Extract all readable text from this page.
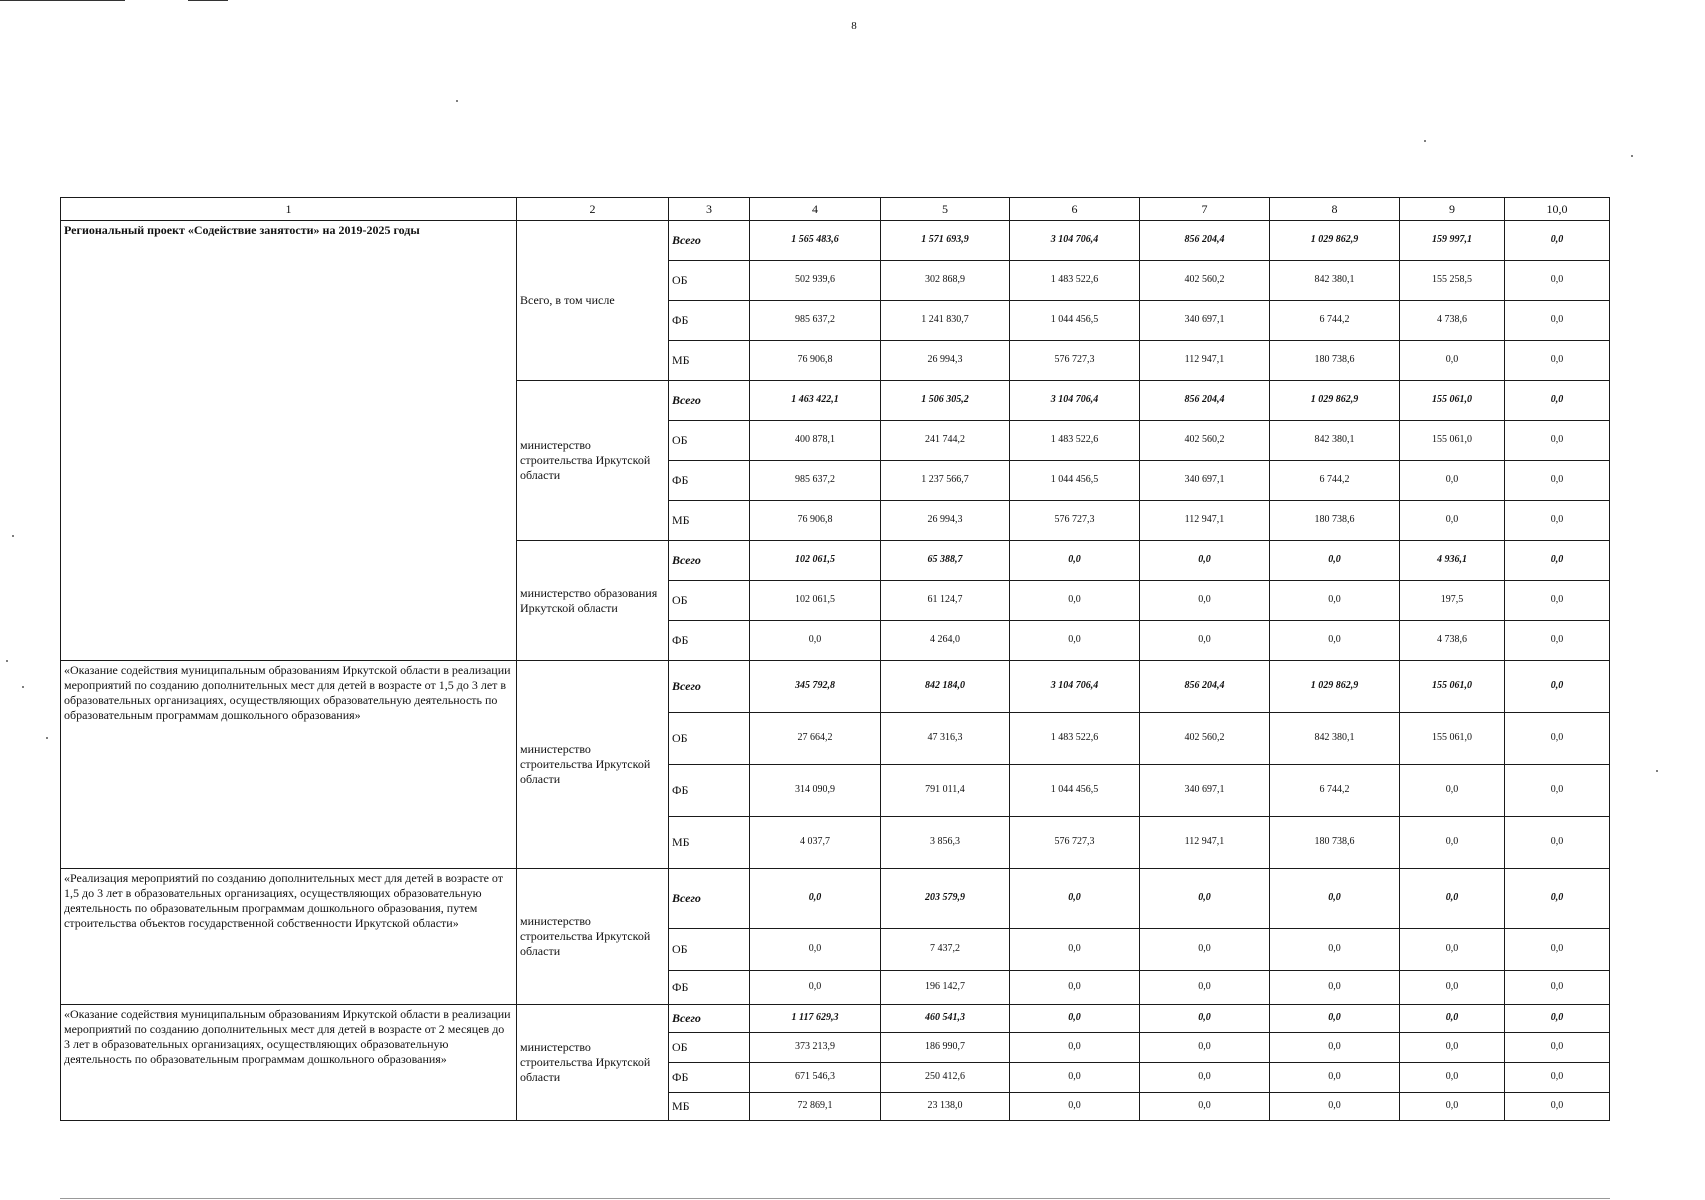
8
1	2	3	4	5	6	7	8	9	10,0
Региональный проект «Содействие занятости» на 2019-2025 годы	Всего, в том числе	Всего	1 565 483,6	1 571 693,9	3 104 706,4	856 204,4	1 029 862,9	159 997,1	0,0
		ОБ	502 939,6	302 868,9	1 483 522,6	402 560,2	842 380,1	155 258,5	0,0
		ФБ	985 637,2	1 241 830,7	1 044 456,5	340 697,1	6 744,2	4 738,6	0,0
		МБ	76 906,8	26 994,3	576 727,3	112 947,1	180 738,6	0,0	0,0
	министерство строительства Иркутской области	Всего	1 463 422,1	1 506 305,2	3 104 706,4	856 204,4	1 029 862,9	155 061,0	0,0
		ОБ	400 878,1	241 744,2	1 483 522,6	402 560,2	842 380,1	155 061,0	0,0
		ФБ	985 637,2	1 237 566,7	1 044 456,5	340 697,1	6 744,2	0,0	0,0
		МБ	76 906,8	26 994,3	576 727,3	112 947,1	180 738,6	0,0	0,0
	министерство образования Иркутской области	Всего	102 061,5	65 388,7	0,0	0,0	0,0	4 936,1	0,0
		ОБ	102 061,5	61 124,7	0,0	0,0	0,0	197,5	0,0
		ФБ	0,0	4 264,0	0,0	0,0	0,0	4 738,6	0,0
«Оказание содействия муниципальным образованиям Иркутской области в реализации мероприятий по созданию дополнительных мест для детей в возрасте от 1,5 до 3 лет в образовательных организациях, осуществляющих образовательную деятельность по образовательным программам дошкольного образования»	министерство строительства Иркутской области	Всего	345 792,8	842 184,0	3 104 706,4	856 204,4	1 029 862,9	155 061,0	0,0
		ОБ	27 664,2	47 316,3	1 483 522,6	402 560,2	842 380,1	155 061,0	0,0
		ФБ	314 090,9	791 011,4	1 044 456,5	340 697,1	6 744,2	0,0	0,0
		МБ	4 037,7	3 856,3	576 727,3	112 947,1	180 738,6	0,0	0,0
«Реализация мероприятий по созданию дополнительных мест для детей в возрасте от 1,5 до 3 лет в образовательных организациях, осуществляющих образовательную деятельность по образовательным программам дошкольного образования, путем строительства объектов государственной собственности Иркутской области»	министерство строительства Иркутской области	Всего	0,0	203 579,9	0,0	0,0	0,0	0,0	0,0
		ОБ	0,0	7 437,2	0,0	0,0	0,0	0,0	0,0
		ФБ	0,0	196 142,7	0,0	0,0	0,0	0,0	0,0
«Оказание содействия муниципальным образованиям Иркутской области в реализации мероприятий по созданию дополнительных мест для детей в возрасте от 2 месяцев до 3 лет в образовательных организациях, осуществляющих образовательную деятельность по образовательным программам дошкольного образования»	министерство строительства Иркутской области	Всего	1 117 629,3	460 541,3	0,0	0,0	0,0	0,0	0,0
		ОБ	373 213,9	186 990,7	0,0	0,0	0,0	0,0	0,0
		ФБ	671 546,3	250 412,6	0,0	0,0	0,0	0,0	0,0
		МБ	72 869,1	23 138,0	0,0	0,0	0,0	0,0	0,0
